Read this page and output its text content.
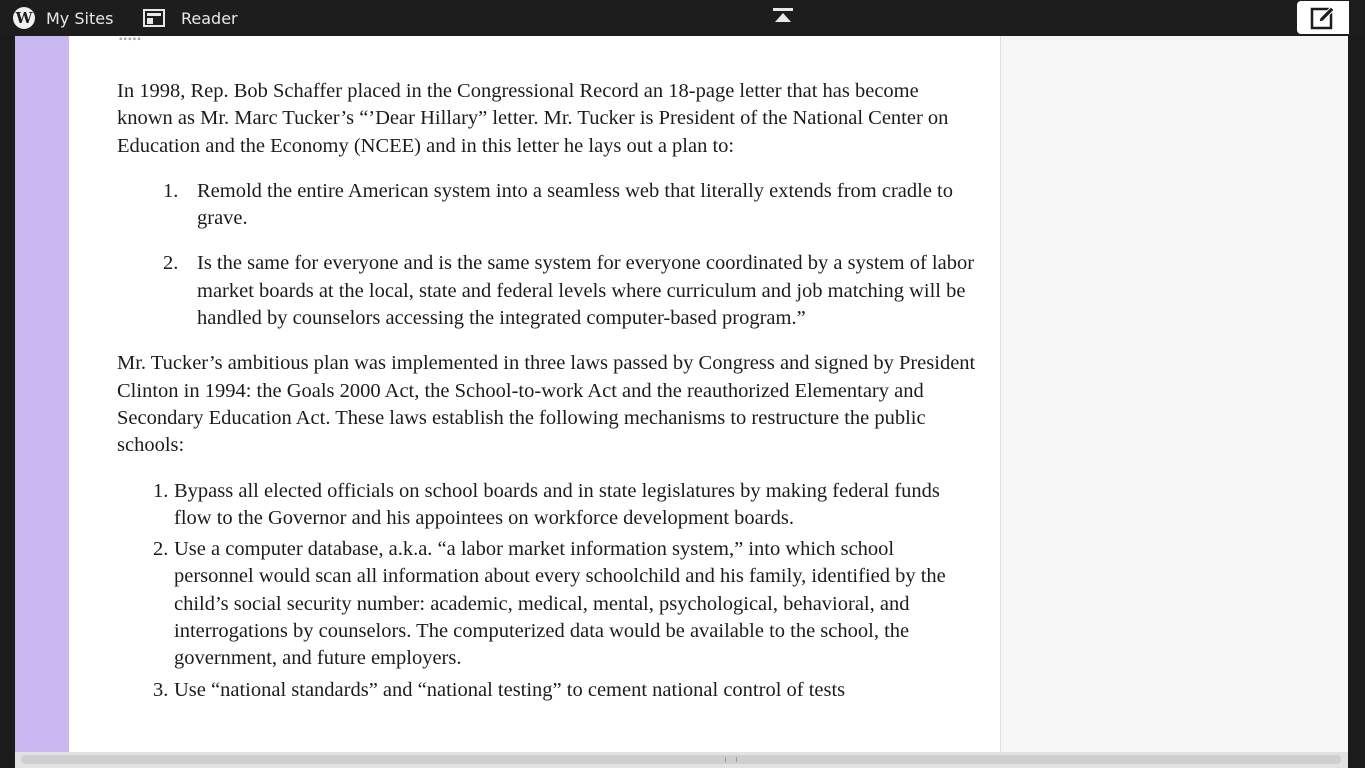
W My Sites	Reader
▪▪▪▪▪

In 1998, Rep. Bob Schaffer placed in the Congressional Record an 18-page letter that has become known as Mr. Marc Tucker’s “’Dear Hillary” letter. Mr. Tucker is President of the National Center on Education and the Economy (NCEE) and in this letter he lays out a plan to:

1. Remold the entire American system into a seamless web that literally extends from cradle to grave.
2. Is the same for everyone and is the same system for everyone coordinated by a system of labor market boards at the local, state and federal levels where curriculum and job matching will be handled by counselors accessing the integrated computer-based program.”

Mr. Tucker’s ambitious plan was implemented in three laws passed by Congress and signed by President Clinton in 1994: the Goals 2000 Act, the School-to-work Act and the reauthorized Elementary and Secondary Education Act. These laws establish the following mechanisms to restructure the public schools:

1. Bypass all elected officials on school boards and in state legislatures by making federal funds flow to the Governor and his appointees on workforce development boards.
2. Use a computer database, a.k.a. “a labor market information system,” into which school personnel would scan all information about every schoolchild and his family, identified by the child’s social security number: academic, medical, mental, psychological, behavioral, and interrogations by counselors. The computerized data would be available to the school, the government, and future employers.
3. Use “national standards” and “national testing” to cement national control of tests
